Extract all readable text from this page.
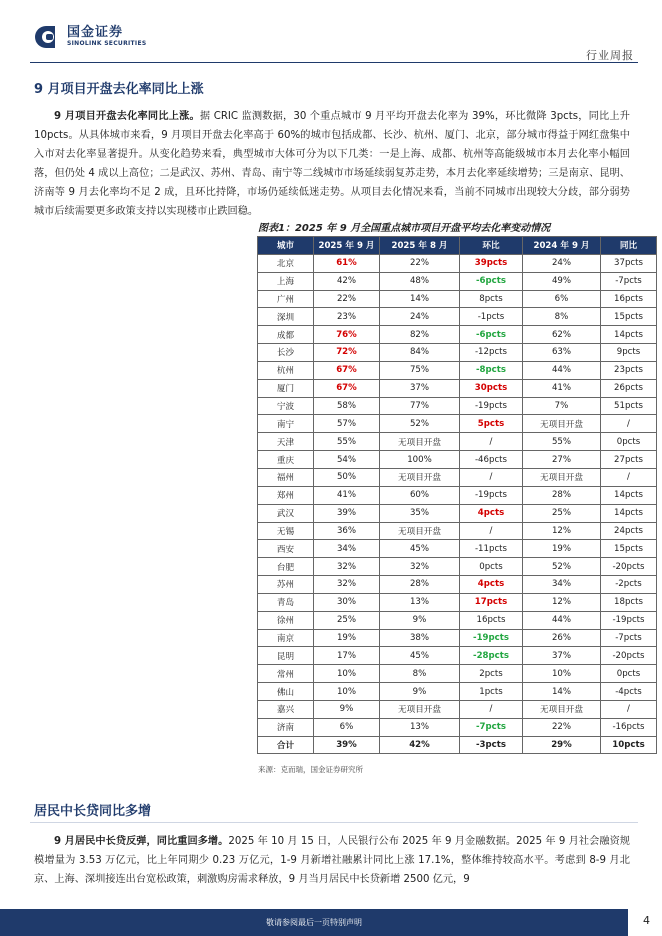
国金证券
SINOLINK SECURITIES
行业周报
9 月项目开盘去化率同比上涨
9 月项目开盘去化率同比上涨。据 CRIC 监测数据，30 个重点城市 9 月平均开盘去化率为 39%，环比微降 3pcts，同比上升 10pcts。从具体城市来看，9 月项目开盘去化率高于 60%的城市包括成都、长沙、杭州、厦门、北京，部分城市得益于网红盘集中入市对去化率显著提升。从变化趋势来看，典型城市大体可分为以下几类：一是上海、成都、杭州等高能级城市本月去化率小幅回落，但仍处 4 成以上高位；二是武汉、苏州、青岛、南宁等二线城市市场延续弱复苏走势，本月去化率延续增势；三是南京、昆明、济南等 9 月去化率均不足 2 成，且环比持降，市场仍延续低迷走势。从项目去化情况来看，当前不同城市出现较大分歧，部分弱势城市后续需要更多政策支持以实现楼市止跌回稳。
图表1：2025 年 9 月全国重点城市项目开盘平均去化率变动情况
城市	2025 年 9 月	2025 年 8 月	环比	2024 年 9 月	同比
北京	61%	22%	39pcts	24%	37pcts
上海	42%	48%	-6pcts	49%	-7pcts
广州	22%	14%	8pcts	6%	16pcts
深圳	23%	24%	-1pcts	8%	15pcts
成都	76%	82%	-6pcts	62%	14pcts
长沙	72%	84%	-12pcts	63%	9pcts
杭州	67%	75%	-8pcts	44%	23pcts
厦门	67%	37%	30pcts	41%	26pcts
宁波	58%	77%	-19pcts	7%	51pcts
南宁	57%	52%	5pcts	无项目开盘	/
天津	55%	无项目开盘	/	55%	0pcts
重庆	54%	100%	-46pcts	27%	27pcts
福州	50%	无项目开盘	/	无项目开盘	/
郑州	41%	60%	-19pcts	28%	14pcts
武汉	39%	35%	4pcts	25%	14pcts
无锡	36%	无项目开盘	/	12%	24pcts
西安	34%	45%	-11pcts	19%	15pcts
台肥	32%	32%	0pcts	52%	-20pcts
苏州	32%	28%	4pcts	34%	-2pcts
青岛	30%	13%	17pcts	12%	18pcts
徐州	25%	9%	16pcts	44%	-19pcts
南京	19%	38%	-19pcts	26%	-7pcts
昆明	17%	45%	-28pcts	37%	-20pcts
常州	10%	8%	2pcts	10%	0pcts
佛山	10%	9%	1pcts	14%	-4pcts
嘉兴	9%	无项目开盘	/	无项目开盘	/
济南	6%	13%	-7pcts	22%	-16pcts
合计	39%	42%	-3pcts	29%	10pcts
来源：克而瑞，国金证券研究所
居民中长贷同比多增
9 月居民中长贷反弹，同比重回多增。2025 年 10 月 15 日，人民银行公布 2025 年 9 月金融数据。2025 年 9 月社会融资规模增量为 3.53 万亿元，比上年同期少 0.23 万亿元，1-9 月新增社融累计同比上涨 17.1%，整体维持较高水平。考虑到 8-9 月北京、上海、深圳接连出台宽松政策，刺激购房需求释放，9 月当月居民中长贷新增 2500 亿元，9
敬请参阅最后一页特别声明	4
